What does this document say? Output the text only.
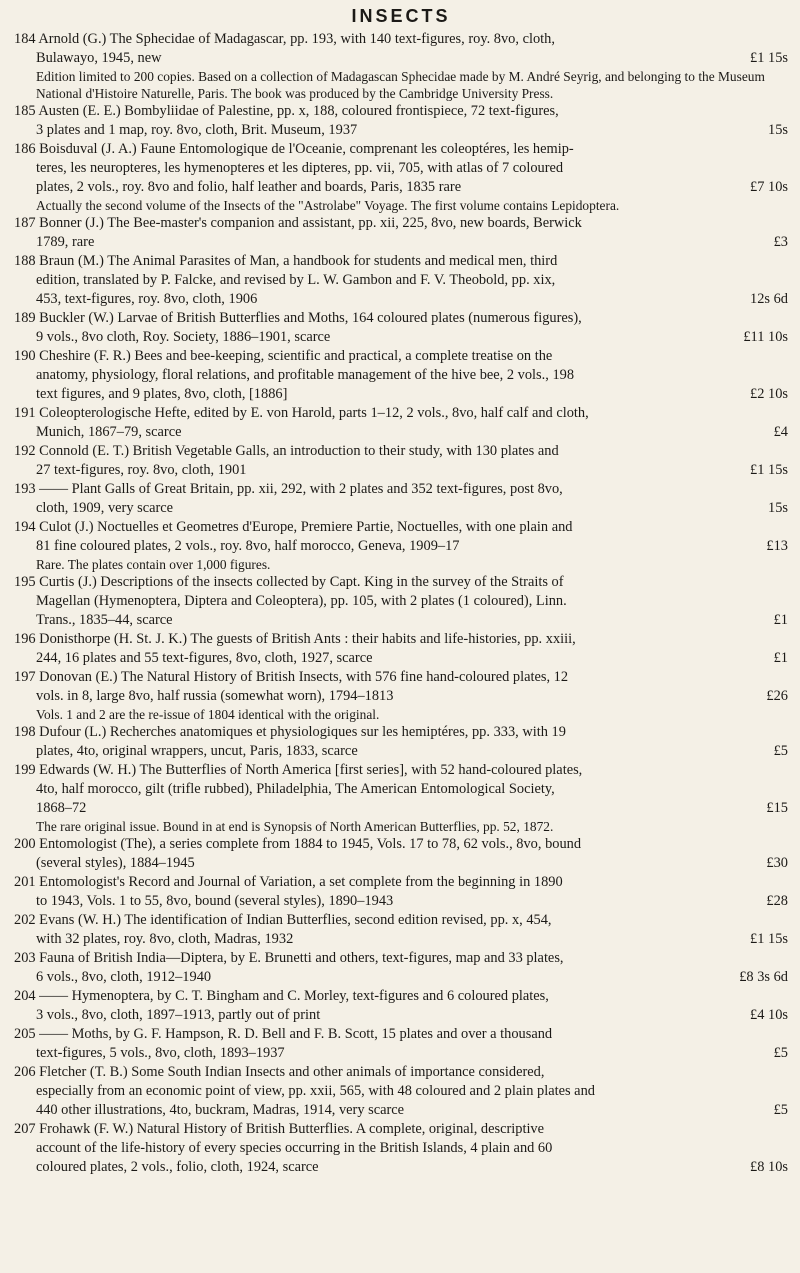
INSECTS
184 Arnold (G.) The Sphecidae of Madagascar, pp. 193, with 140 text-figures, roy. 8vo, cloth,
Bulawayo, 1945, new	£1 15s
Edition limited to 200 copies. Based on a collection of Madagascan Sphecidae made by M. André Seyrig, and belonging to the Museum National d'Histoire Naturelle, Paris. The book was produced by the Cambridge University Press.
185 Austen (E. E.) Bombyliidae of Palestine, pp. x, 188, coloured frontispiece, 72 text-figures,
3 plates and 1 map, roy. 8vo, cloth, Brit. Museum, 1937	15s
186 Boisduval (J. A.) Faune Entomologique de l'Oceanie, comprenant les coleoptéres, les hemip-
teres, les neuropteres, les hymenopteres et les dipteres, pp. vii, 705, with atlas of 7 coloured
plates, 2 vols., roy. 8vo and folio, half leather and boards, Paris, 1835 rare	£7 10s
Actually the second volume of the Insects of the "Astrolabe" Voyage. The first volume contains Lepidoptera.
187 Bonner (J.) The Bee-master's companion and assistant, pp. xii, 225, 8vo, new boards, Berwick
1789, rare	£3
188 Braun (M.) The Animal Parasites of Man, a handbook for students and medical men, third
edition, translated by P. Falcke, and revised by L. W. Gambon and F. V. Theobold, pp. xix,
453, text-figures, roy. 8vo, cloth, 1906	12s 6d
189 Buckler (W.) Larvae of British Butterflies and Moths, 164 coloured plates (numerous figures),
9 vols., 8vo cloth, Roy. Society, 1886–1901, scarce	£11 10s
190 Cheshire (F. R.) Bees and bee-keeping, scientific and practical, a complete treatise on the
anatomy, physiology, floral relations, and profitable management of the hive bee, 2 vols., 198
text figures, and 9 plates, 8vo, cloth, [1886]	£2 10s
191 Coleopterologische Hefte, edited by E. von Harold, parts 1–12, 2 vols., 8vo, half calf and cloth,
Munich, 1867–79, scarce	£4
192 Connold (E. T.) British Vegetable Galls, an introduction to their study, with 130 plates and
27 text-figures, roy. 8vo, cloth, 1901	£1 15s
193 —— Plant Galls of Great Britain, pp. xii, 292, with 2 plates and 352 text-figures, post 8vo,
cloth, 1909, very scarce	15s
194 Culot (J.) Noctuelles et Geometres d'Europe, Premiere Partie, Noctuelles, with one plain and
81 fine coloured plates, 2 vols., roy. 8vo, half morocco, Geneva, 1909–17	£13
Rare. The plates contain over 1,000 figures.
195 Curtis (J.) Descriptions of the insects collected by Capt. King in the survey of the Straits of
Magellan (Hymenoptera, Diptera and Coleoptera), pp. 105, with 2 plates (1 coloured), Linn.
Trans., 1835–44, scarce	£1
196 Donisthorpe (H. St. J. K.) The guests of British Ants : their habits and life-histories, pp. xxiii,
244, 16 plates and 55 text-figures, 8vo, cloth, 1927, scarce	£1
197 Donovan (E.) The Natural History of British Insects, with 576 fine hand-coloured plates, 12
vols. in 8, large 8vo, half russia (somewhat worn), 1794–1813	£26
Vols. 1 and 2 are the re-issue of 1804 identical with the original.
198 Dufour (L.) Recherches anatomiques et physiologiques sur les hemiptéres, pp. 333, with 19
plates, 4to, original wrappers, uncut, Paris, 1833, scarce	£5
199 Edwards (W. H.) The Butterflies of North America [first series], with 52 hand-coloured plates,
4to, half morocco, gilt (trifle rubbed), Philadelphia, The American Entomological Society,
1868–72	£15
The rare original issue. Bound in at end is Synopsis of North American Butterflies, pp. 52, 1872.
200 Entomologist (The), a series complete from 1884 to 1945, Vols. 17 to 78, 62 vols., 8vo, bound
(several styles), 1884–1945	£30
201 Entomologist's Record and Journal of Variation, a set complete from the beginning in 1890
to 1943, Vols. 1 to 55, 8vo, bound (several styles), 1890–1943	£28
202 Evans (W. H.) The identification of Indian Butterflies, second edition revised, pp. x, 454,
with 32 plates, roy. 8vo, cloth, Madras, 1932	£1 15s
203 Fauna of British India—Diptera, by E. Brunetti and others, text-figures, map and 33 plates,
6 vols., 8vo, cloth, 1912–1940	£8 3s 6d
204 —— Hymenoptera, by C. T. Bingham and C. Morley, text-figures and 6 coloured plates,
3 vols., 8vo, cloth, 1897–1913, partly out of print	£4 10s
205 —— Moths, by G. F. Hampson, R. D. Bell and F. B. Scott, 15 plates and over a thousand
text-figures, 5 vols., 8vo, cloth, 1893–1937	£5
206 Fletcher (T. B.) Some South Indian Insects and other animals of importance considered,
especially from an economic point of view, pp. xxii, 565, with 48 coloured and 2 plain plates and
440 other illustrations, 4to, buckram, Madras, 1914, very scarce	£5
207 Frohawk (F. W.) Natural History of British Butterflies. A complete, original, descriptive
account of the life-history of every species occurring in the British Islands, 4 plain and 60
coloured plates, 2 vols., folio, cloth, 1924, scarce	£8 10s
